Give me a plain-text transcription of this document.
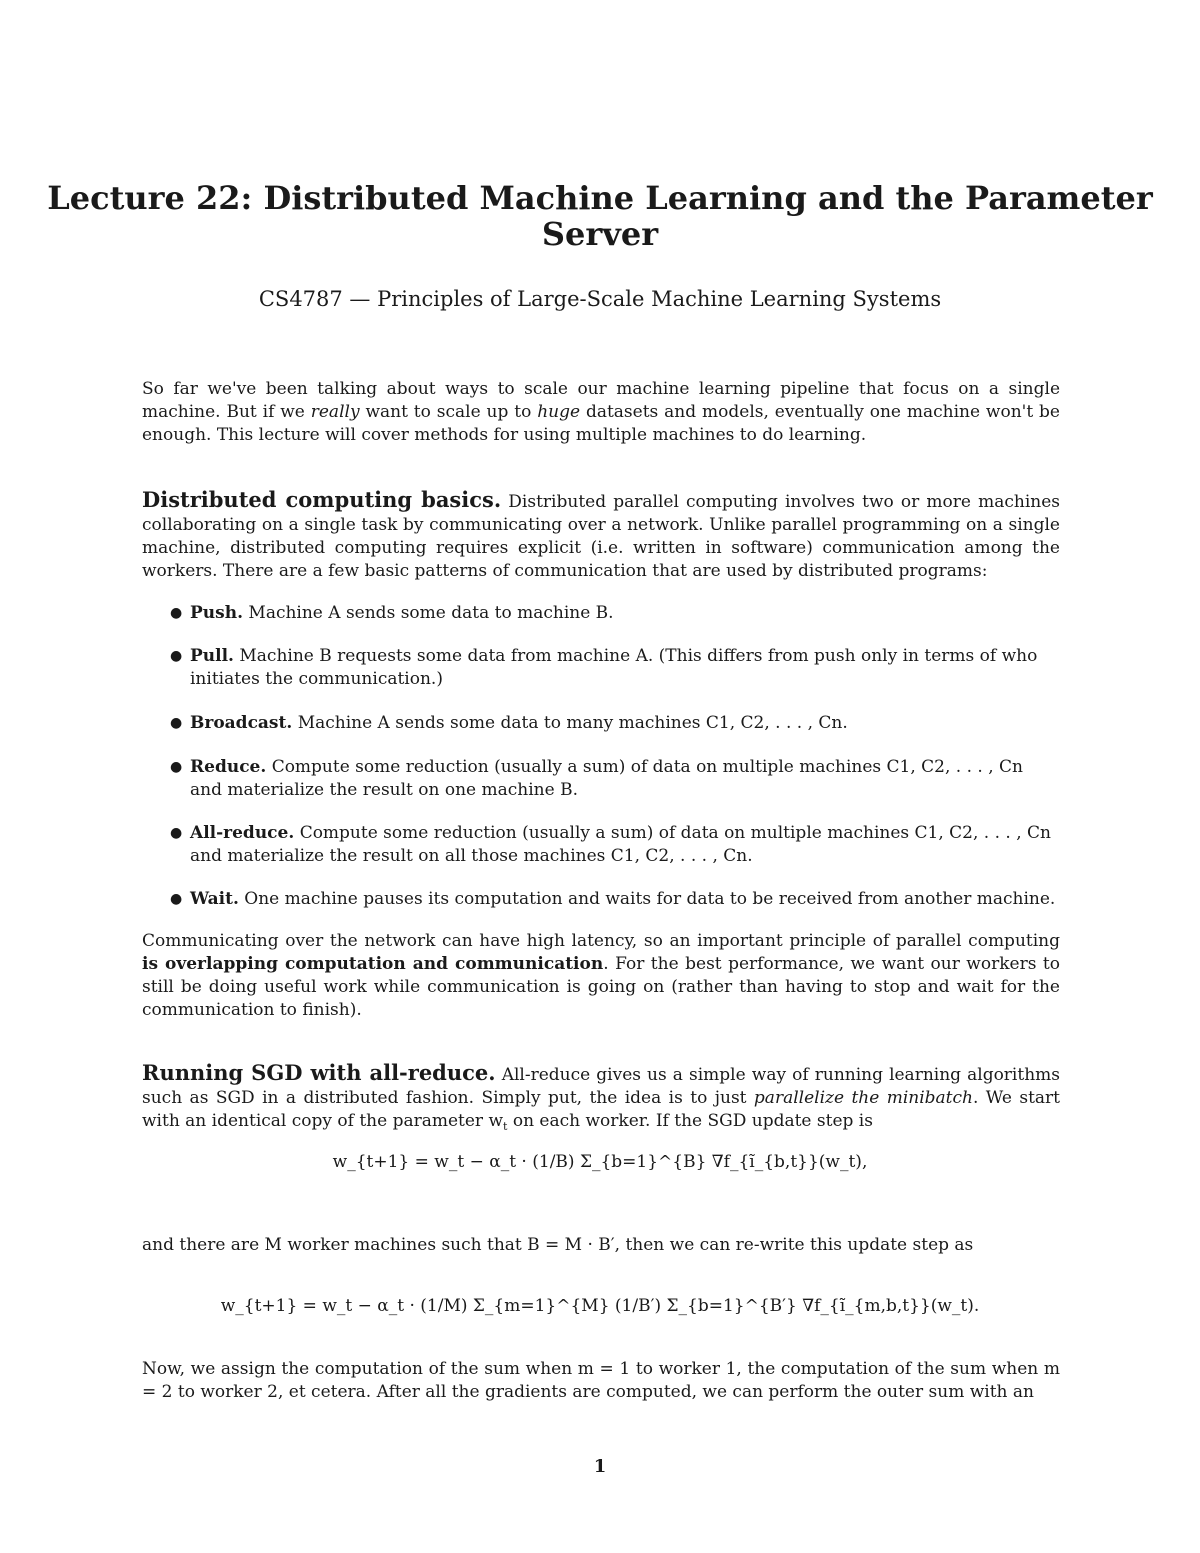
Lecture 22: Distributed Machine Learning and the Parameter Server
CS4787 — Principles of Large-Scale Machine Learning Systems
So far we've been talking about ways to scale our machine learning pipeline that focus on a single machine. But if we really want to scale up to huge datasets and models, eventually one machine won't be enough. This lecture will cover methods for using multiple machines to do learning.
Distributed computing basics. Distributed parallel computing involves two or more machines collaborating on a single task by communicating over a network. Unlike parallel programming on a single machine, distributed computing requires explicit (i.e. written in software) communication among the workers. There are a few basic patterns of communication that are used by distributed programs:
● Push. Machine A sends some data to machine B.
● Pull. Machine B requests some data from machine A. (This differs from push only in terms of who initiates the communication.)
● Broadcast. Machine A sends some data to many machines C1, C2, . . . , Cn.
● Reduce. Compute some reduction (usually a sum) of data on multiple machines C1, C2, . . . , Cn and materialize the result on one machine B.
● All-reduce. Compute some reduction (usually a sum) of data on multiple machines C1, C2, . . . , Cn and materialize the result on all those machines C1, C2, . . . , Cn.
● Wait. One machine pauses its computation and waits for data to be received from another machine.
Communicating over the network can have high latency, so an important principle of parallel computing is overlapping computation and communication. For the best performance, we want our workers to still be doing useful work while communication is going on (rather than having to stop and wait for the communication to finish).
Running SGD with all-reduce. All-reduce gives us a simple way of running learning algorithms such as SGD in a distributed fashion. Simply put, the idea is to just parallelize the minibatch. We start with an identical copy of the parameter $w_t$ on each worker. If the SGD update step is
w_{t+1} = w_t − α_t · (1/B) Σ_{b=1}^{B} ∇f_{ĩ_{b,t}}(w_t),
and there are M worker machines such that B = M · B′, then we can re-write this update step as
w_{t+1} = w_t − α_t · (1/M) Σ_{m=1}^{M} (1/B′) Σ_{b=1}^{B′} ∇f_{ĩ_{m,b,t}}(w_t).
Now, we assign the computation of the sum when m = 1 to worker 1, the computation of the sum when m = 2 to worker 2, et cetera. After all the gradients are computed, we can perform the outer sum with an
1
